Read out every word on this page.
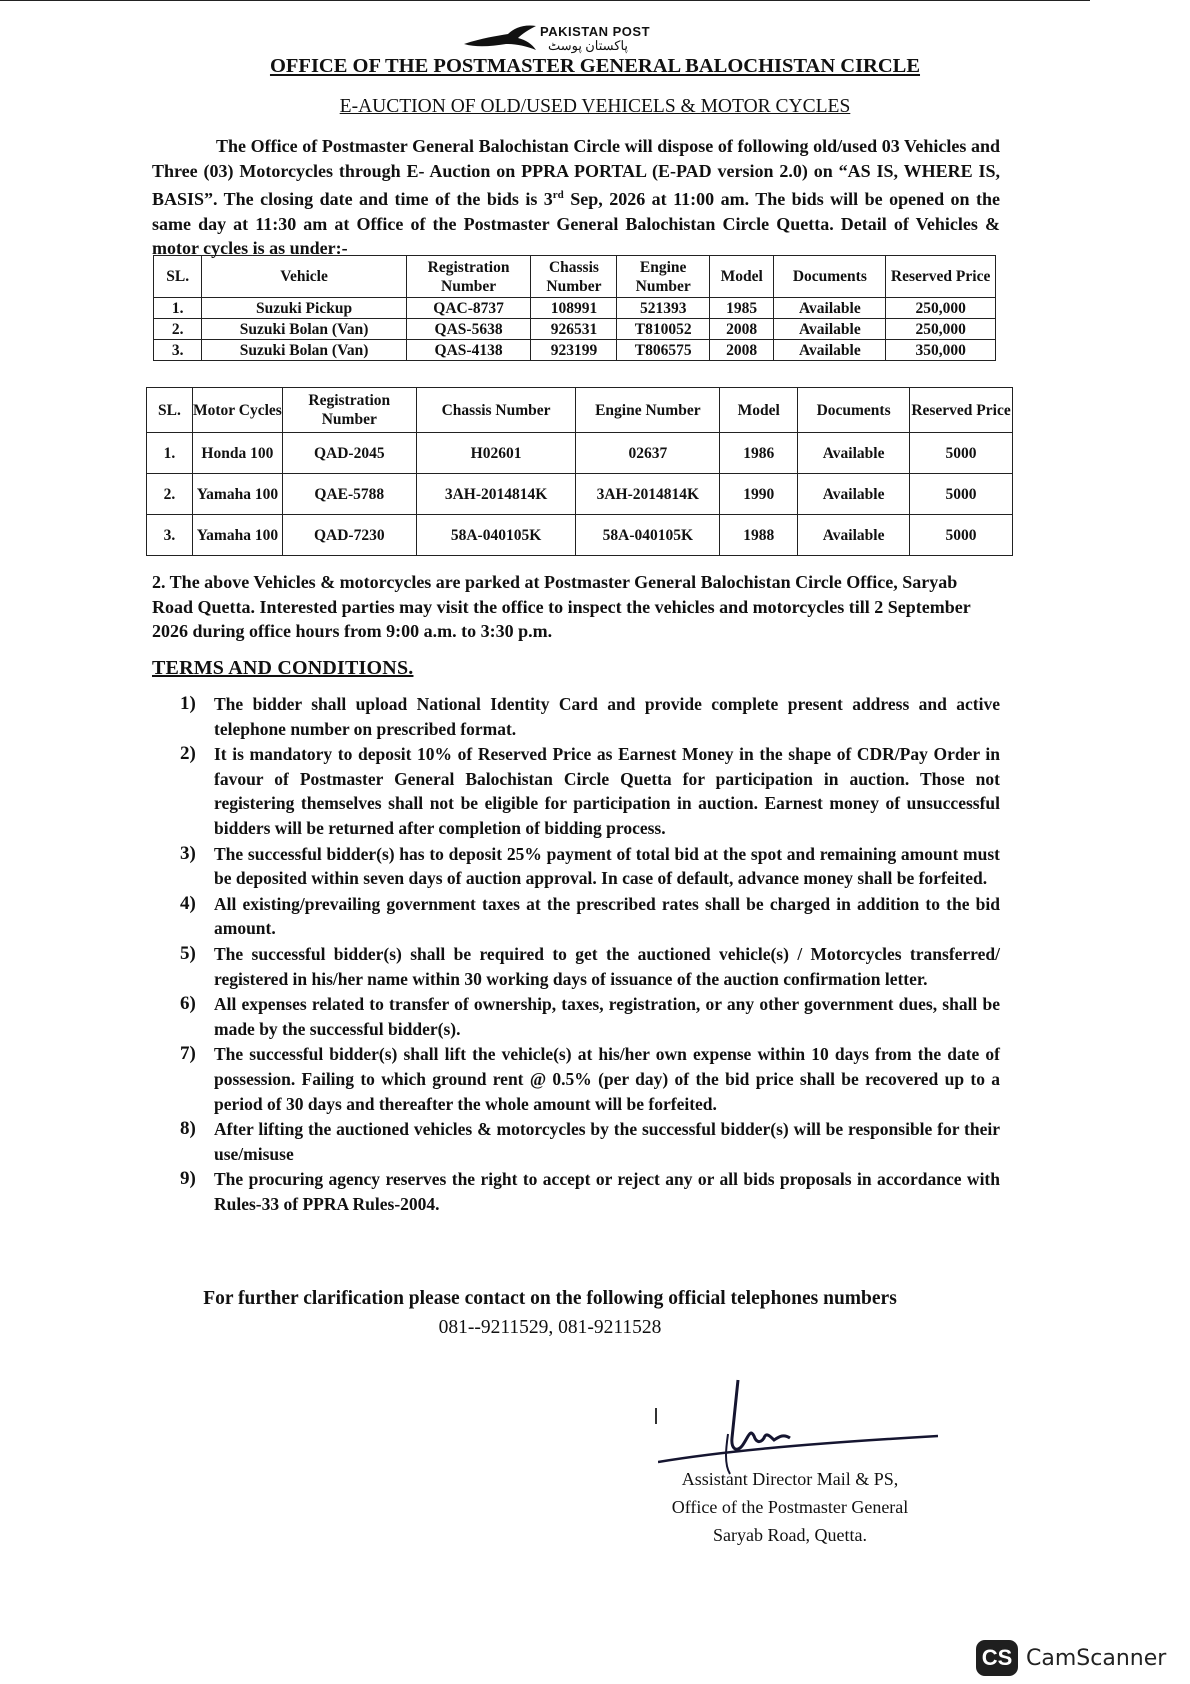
PAKISTAN POST
پاکستان پوسٹ
OFFICE OF THE POSTMASTER GENERAL BALOCHISTAN CIRCLE
E-AUCTION OF OLD/USED VEHICELS & MOTOR CYCLES
The Office of Postmaster General Balochistan Circle will dispose of following old/used 03 Vehicles and Three (03) Motorcycles through E- Auction on PPRA PORTAL (E-PAD version 2.0) on “AS IS, WHERE IS, BASIS”. The closing date and time of the bids is 3rd Sep, 2026 at 11:00 am. The bids will be opened on the same day at 11:30 am at Office of the Postmaster General Balochistan Circle Quetta. Detail of Vehicles & motor cycles is as under:-
SL.	Vehicle	Registration Number	Chassis Number	Engine Number	Model	Documents	Reserved Price
1.	Suzuki Pickup	QAC-8737	108991	521393	1985	Available	250,000
2.	Suzuki Bolan (Van)	QAS-5638	926531	T810052	2008	Available	250,000
3.	Suzuki Bolan (Van)	QAS-4138	923199	T806575	2008	Available	350,000
SL.	Motor Cycles	Registration Number	Chassis Number	Engine Number	Model	Documents	Reserved Price
1.	Honda 100	QAD-2045	H02601	02637	1986	Available	5000
2.	Yamaha 100	QAE-5788	3AH-2014814K	3AH-2014814K	1990	Available	5000
3.	Yamaha 100	QAD-7230	58A-040105K	58A-040105K	1988	Available	5000
2. The above Vehicles & motorcycles are parked at Postmaster General Balochistan Circle Office, Saryab Road Quetta. Interested parties may visit the office to inspect the vehicles and motorcycles till 2 September 2026 during office hours from 9:00 a.m. to 3:30 p.m.
TERMS AND CONDITIONS.
1) The bidder shall upload National Identity Card and provide complete present address and active telephone number on prescribed format.
2) It is mandatory to deposit 10% of Reserved Price as Earnest Money in the shape of CDR/Pay Order in favour of Postmaster General Balochistan Circle Quetta for participation in auction. Those not registering themselves shall not be eligible for participation in auction. Earnest money of unsuccessful bidders will be returned after completion of bidding process.
3) The successful bidder(s) has to deposit 25% payment of total bid at the spot and remaining amount must be deposited within seven days of auction approval. In case of default, advance money shall be forfeited.
4) All existing/prevailing government taxes at the prescribed rates shall be charged in addition to the bid amount.
5) The successful bidder(s) shall be required to get the auctioned vehicle(s) / Motorcycles transferred/ registered in his/her name within 30 working days of issuance of the auction confirmation letter.
6) All expenses related to transfer of ownership, taxes, registration, or any other government dues, shall be made by the successful bidder(s).
7) The successful bidder(s) shall lift the vehicle(s) at his/her own expense within 10 days from the date of possession. Failing to which ground rent @ 0.5% (per day) of the bid price shall be recovered up to a period of 30 days and thereafter the whole amount will be forfeited.
8) After lifting the auctioned vehicles & motorcycles by the successful bidder(s) will be responsible for their use/misuse
9) The procuring agency reserves the right to accept or reject any or all bids proposals in accordance with Rules-33 of PPRA Rules-2004.
For further clarification please contact on the following official telephones numbers
081--9211529, 081-9211528
Assistant Director Mail & PS,
Office of the Postmaster General
Saryab Road, Quetta.
CS CamScanner
